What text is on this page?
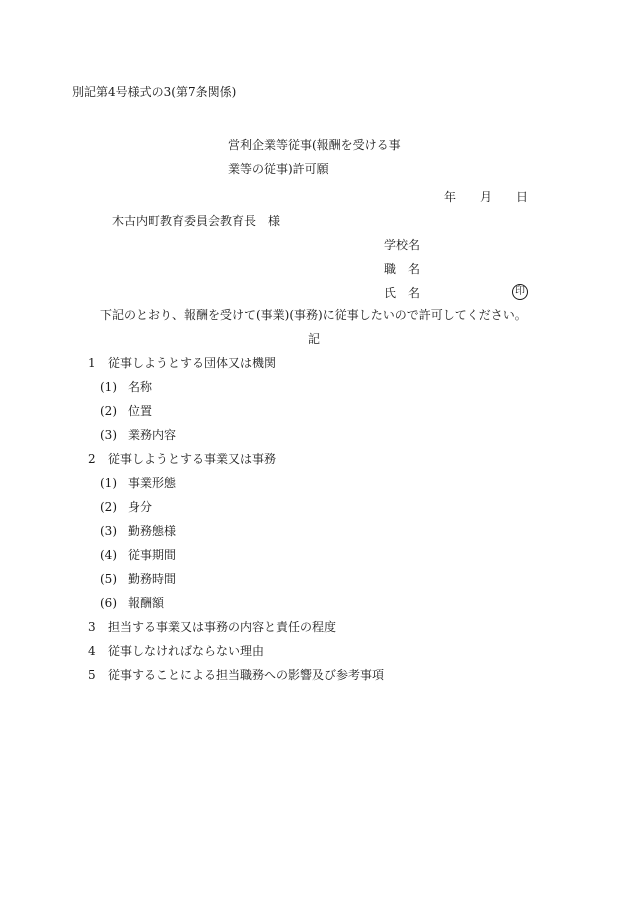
別記第4号様式の3(第7条関係)
営利企業等従事(報酬を受ける事
業等の従事)許可願
年 月 日
木古内町教育委員会教育長 様
学校名
職 名
氏 名	印
下記のとおり、報酬を受けて(事業)(事務)に従事したいので許可してください。
記
1 従事しようとする団体又は機関
(1) 名称
(2) 位置
(3) 業務内容
2 従事しようとする事業又は事務
(1) 事業形態
(2) 身分
(3) 勤務態様
(4) 従事期間
(5) 勤務時間
(6) 報酬額
3 担当する事業又は事務の内容と責任の程度
4 従事しなければならない理由
5 従事することによる担当職務への影響及び参考事項
